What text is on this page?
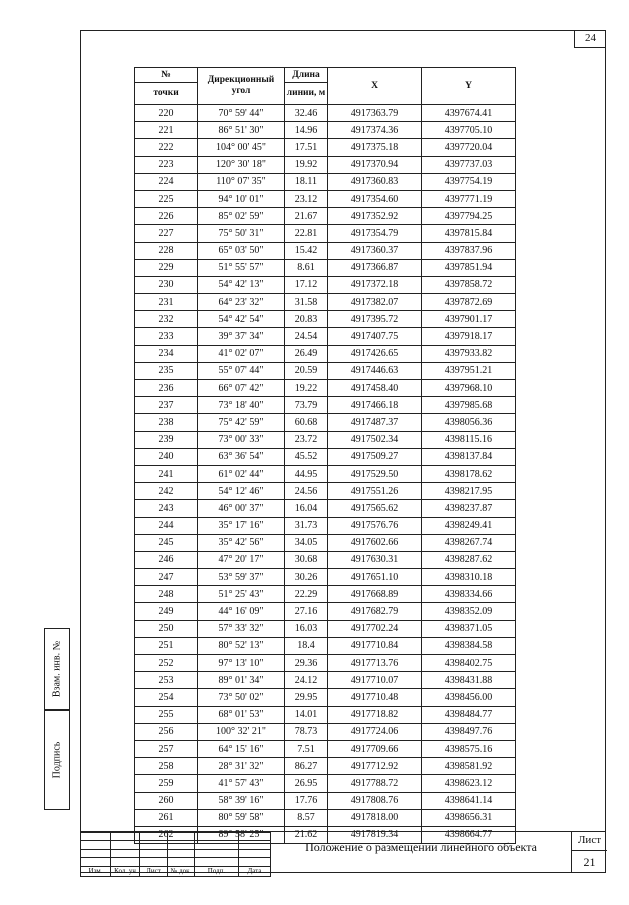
24
Взам. инв. №
Подпись
№	Дирекционный угол	Длина	X	Y
точки		линии, м		
220	70° 59' 44"	32.46	4917363.79	4397674.41
221	86° 51' 30"	14.96	4917374.36	4397705.10
222	104° 00' 45"	17.51	4917375.18	4397720.04
223	120° 30' 18"	19.92	4917370.94	4397737.03
224	110° 07' 35"	18.11	4917360.83	4397754.19
225	94° 10' 01"	23.12	4917354.60	4397771.19
226	85° 02' 59"	21.67	4917352.92	4397794.25
227	75° 50' 31"	22.81	4917354.79	4397815.84
228	65° 03' 50"	15.42	4917360.37	4397837.96
229	51° 55' 57"	8.61	4917366.87	4397851.94
230	54° 42' 13"	17.12	4917372.18	4397858.72
231	64° 23' 32"	31.58	4917382.07	4397872.69
232	54° 42' 54"	20.83	4917395.72	4397901.17
233	39° 37' 34"	24.54	4917407.75	4397918.17
234	41° 02' 07"	26.49	4917426.65	4397933.82
235	55° 07' 44"	20.59	4917446.63	4397951.21
236	66° 07' 42"	19.22	4917458.40	4397968.10
237	73° 18' 40"	73.79	4917466.18	4397985.68
238	75° 42' 59"	60.68	4917487.37	4398056.36
239	73° 00' 33"	23.72	4917502.34	4398115.16
240	63° 36' 54"	45.52	4917509.27	4398137.84
241	61° 02' 44"	44.95	4917529.50	4398178.62
242	54° 12' 46"	24.56	4917551.26	4398217.95
243	46° 00' 37"	16.04	4917565.62	4398237.87
244	35° 17' 16"	31.73	4917576.76	4398249.41
245	35° 42' 56"	34.05	4917602.66	4398267.74
246	47° 20' 17"	30.68	4917630.31	4398287.62
247	53° 59' 37"	30.26	4917651.10	4398310.18
248	51° 25' 43"	22.29	4917668.89	4398334.66
249	44° 16' 09"	27.16	4917682.79	4398352.09
250	57° 33' 32"	16.03	4917702.24	4398371.05
251	80° 52' 13"	18.4	4917710.84	4398384.58
252	97° 13' 10"	29.36	4917713.76	4398402.75
253	89° 01' 34"	24.12	4917710.07	4398431.88
254	73° 50' 02"	29.95	4917710.48	4398456.00
255	68° 01' 53"	14.01	4917718.82	4398484.77
256	100° 32' 21"	78.73	4917724.06	4398497.76
257	64° 15' 16"	7.51	4917709.66	4398575.16
258	28° 31' 32"	86.27	4917712.92	4398581.92
259	41° 57' 43"	26.95	4917788.72	4398623.12
260	58° 39' 16"	17.76	4917808.76	4398641.14
261	80° 59' 58"	8.57	4917818.00	4398656.31
262	89° 58' 25"	21.62	4917819.34	4398664.77

Изм.	Кол. уч	Лист	№ док.	Подп.	Дата
Положение о размещении линейного объекта	Лист
21
